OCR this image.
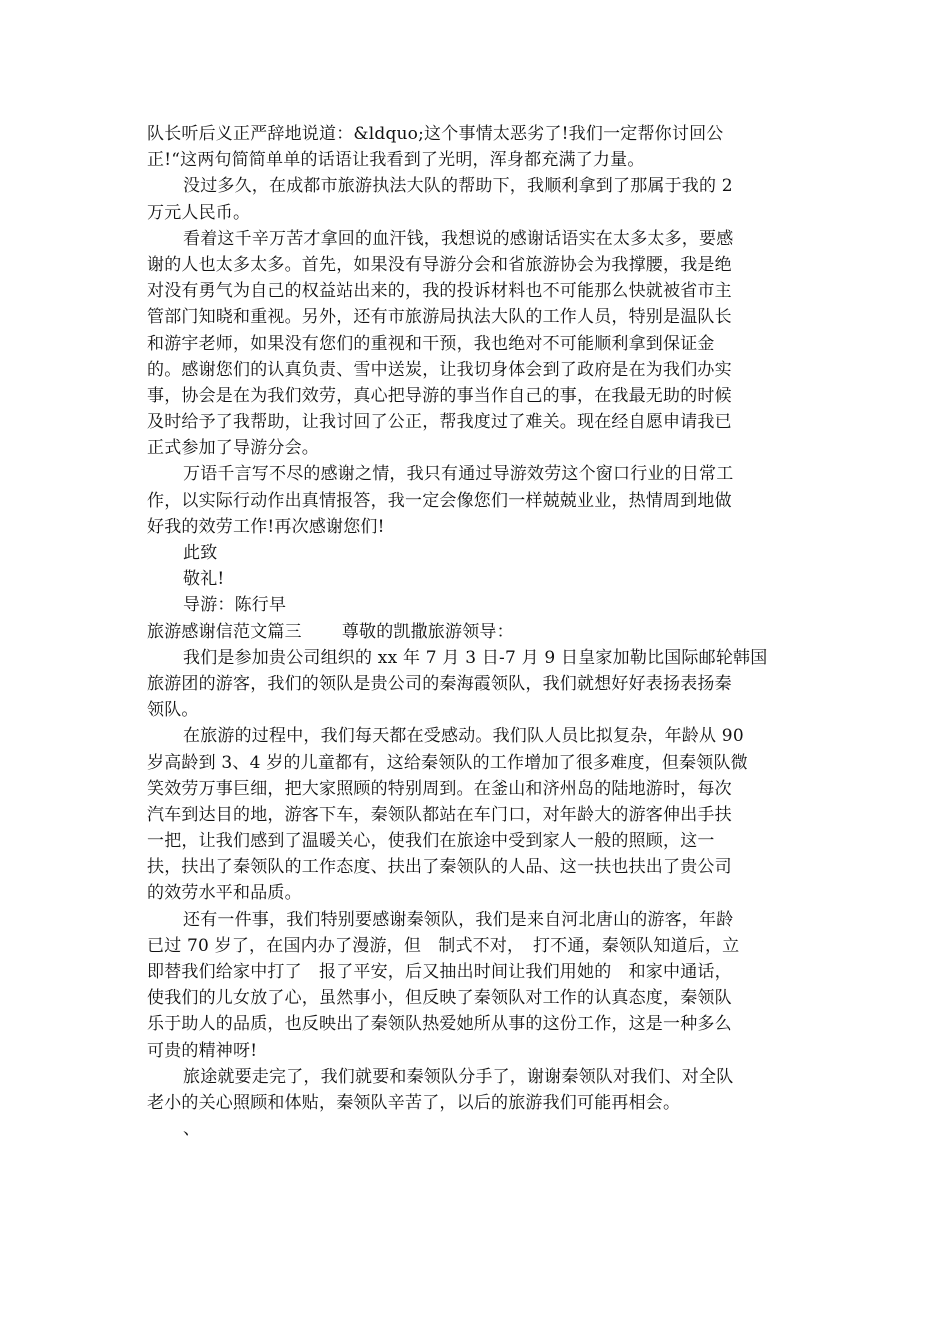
队长听后义正严辞地说道：&ldquo;这个事情太恶劣了!我们一定帮你讨回公
正!“这两句简简单单的话语让我看到了光明，浑身都充满了力量。
没过多久，在成都市旅游执法大队的帮助下，我顺利拿到了那属于我的 2
万元人民币。
看着这千辛万苦才拿回的血汗钱，我想说的感谢话语实在太多太多，要感
谢的人也太多太多。首先，如果没有导游分会和省旅游协会为我撑腰，我是绝
对没有勇气为自己的权益站出来的，我的投诉材料也不可能那么快就被省市主
管部门知晓和重视。另外，还有市旅游局执法大队的工作人员，特别是温队长
和游宇老师，如果没有您们的重视和干预，我也绝对不可能顺利拿到保证金
的。感谢您们的认真负责、雪中送炭，让我切身体会到了政府是在为我们办实
事，协会是在为我们效劳，真心把导游的事当作自己的事，在我最无助的时候
及时给予了我帮助，让我讨回了公正，帮我度过了难关。现在经自愿申请我已
正式参加了导游分会。
万语千言写不尽的感谢之情，我只有通过导游效劳这个窗口行业的日常工
作，以实际行动作出真情报答，我一定会像您们一样兢兢业业，热情周到地做
好我的效劳工作!再次感谢您们!
此致
敬礼!
导游：陈行早
旅游感谢信范文篇三 尊敬的凯撒旅游领导：
我们是参加贵公司组织的 xx 年 7 月 3 日-7 月 9 日皇家加勒比国际邮轮韩国
旅游团的游客，我们的领队是贵公司的秦海霞领队，我们就想好好表扬表扬秦
领队。
在旅游的过程中，我们每天都在受感动。我们队人员比拟复杂，年龄从 90
岁高龄到 3、4 岁的儿童都有，这给秦领队的工作增加了很多难度，但秦领队微
笑效劳万事巨细，把大家照顾的特别周到。在釜山和济州岛的陆地游时，每次
汽车到达目的地，游客下车，秦领队都站在车门口，对年龄大的游客伸出手扶
一把，让我们感到了温暖关心，使我们在旅途中受到家人一般的照顾，这一
扶，扶出了秦领队的工作态度、扶出了秦领队的人品、这一扶也扶出了贵公司
的效劳水平和品质。
还有一件事，我们特别要感谢秦领队，我们是来自河北唐山的游客，年龄
已过 70 岁了，在国内办了漫游，但　制式不对，　打不通，秦领队知道后，立
即替我们给家中打了　报了平安，后又抽出时间让我们用她的　和家中通话，
使我们的儿女放了心，虽然事小，但反映了秦领队对工作的认真态度，秦领队
乐于助人的品质，也反映出了秦领队热爱她所从事的这份工作，这是一种多么
可贵的精神呀!
旅途就要走完了，我们就要和秦领队分手了，谢谢秦领队对我们、对全队
老小的关心照顾和体贴，秦领队辛苦了，以后的旅游我们可能再相会。
、
